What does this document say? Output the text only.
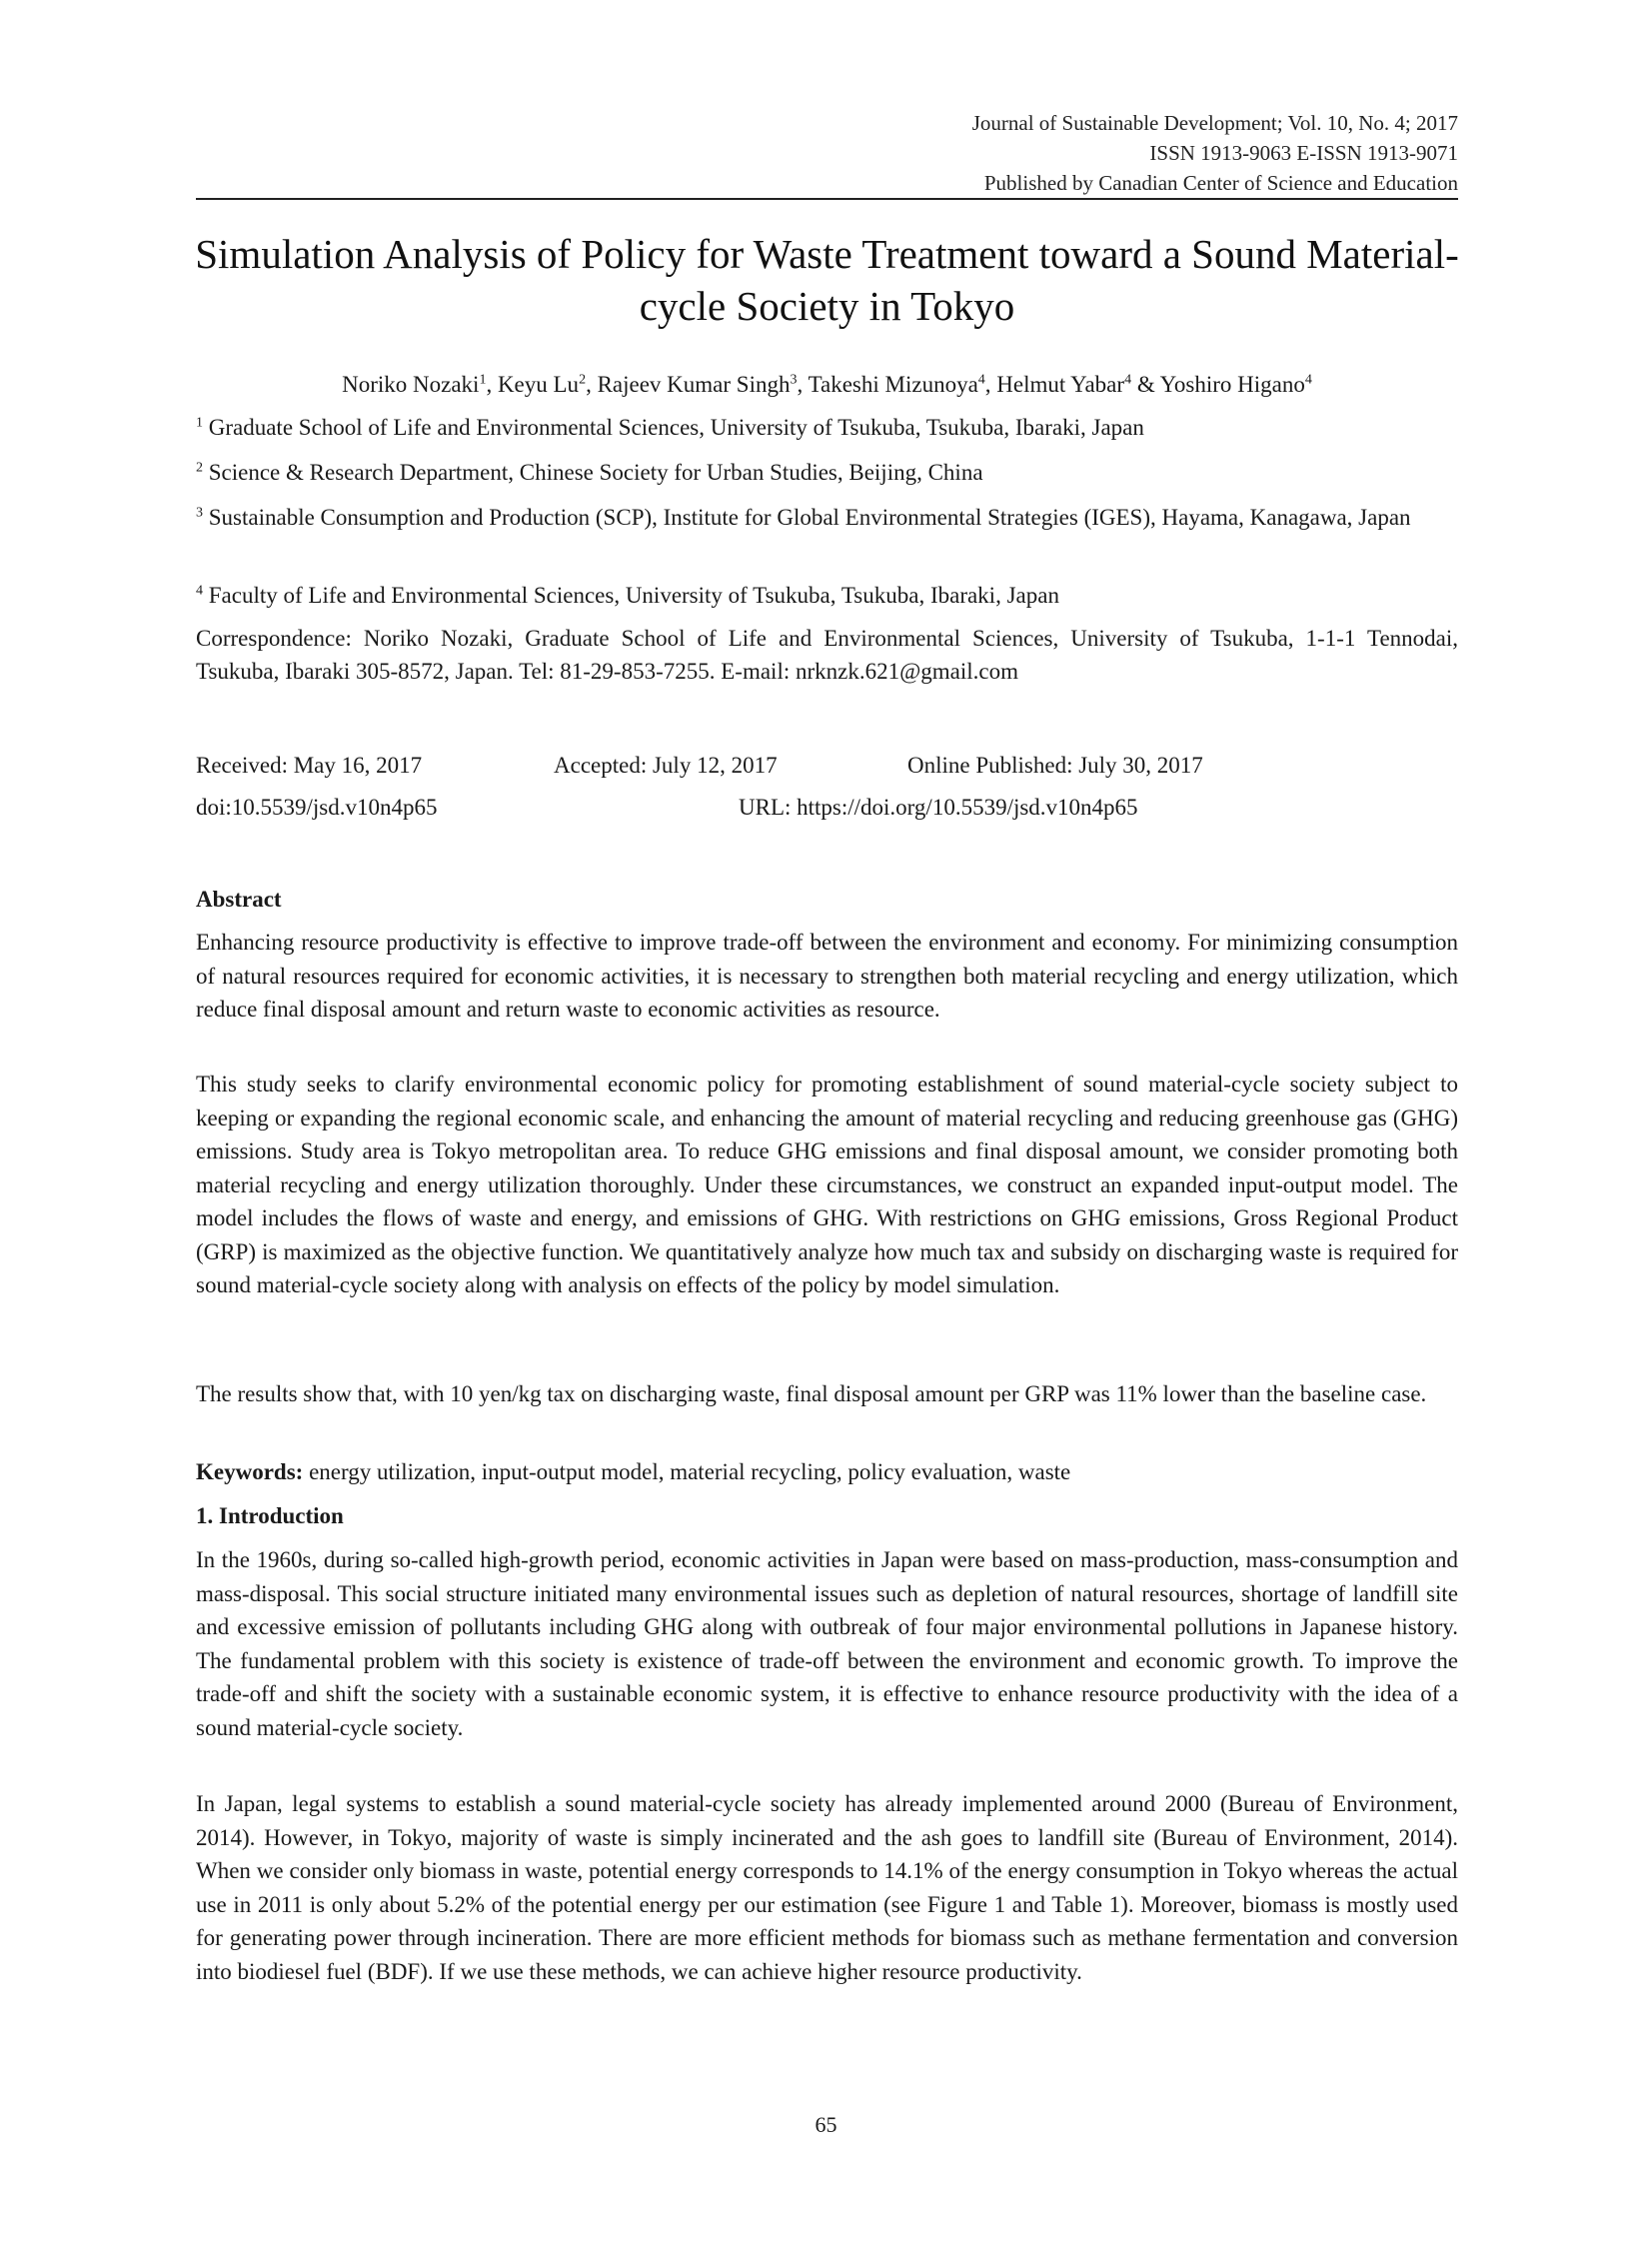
Journal of Sustainable Development; Vol. 10, No. 4; 2017
ISSN 1913-9063 E-ISSN 1913-9071
Published by Canadian Center of Science and Education
Simulation Analysis of Policy for Waste Treatment toward a Sound Material-cycle Society in Tokyo
Noriko Nozaki$^1$, Keyu Lu$^2$, Rajeev Kumar Singh$^3$, Takeshi Mizunoya$^4$, Helmut Yabar$^4$ & Yoshiro Higano$^4$
$^1$ Graduate School of Life and Environmental Sciences, University of Tsukuba, Tsukuba, Ibaraki, Japan
$^2$ Science & Research Department, Chinese Society for Urban Studies, Beijing, China
$^3$ Sustainable Consumption and Production (SCP), Institute for Global Environmental Strategies (IGES), Hayama, Kanagawa, Japan
$^4$ Faculty of Life and Environmental Sciences, University of Tsukuba, Tsukuba, Ibaraki, Japan
Correspondence: Noriko Nozaki, Graduate School of Life and Environmental Sciences, University of Tsukuba, 1-1-1 Tennodai, Tsukuba, Ibaraki 305-8572, Japan. Tel: 81-29-853-7255. E-mail: nrknzk.621@gmail.com
Received: May 16, 2017	Accepted: July 12, 2017	Online Published: July 30, 2017
doi:10.5539/jsd.v10n4p65	URL: https://doi.org/10.5539/jsd.v10n4p65
Abstract
Enhancing resource productivity is effective to improve trade-off between the environment and economy. For minimizing consumption of natural resources required for economic activities, it is necessary to strengthen both material recycling and energy utilization, which reduce final disposal amount and return waste to economic activities as resource.
This study seeks to clarify environmental economic policy for promoting establishment of sound material-cycle society subject to keeping or expanding the regional economic scale, and enhancing the amount of material recycling and reducing greenhouse gas (GHG) emissions. Study area is Tokyo metropolitan area. To reduce GHG emissions and final disposal amount, we consider promoting both material recycling and energy utilization thoroughly. Under these circumstances, we construct an expanded input-output model. The model includes the flows of waste and energy, and emissions of GHG. With restrictions on GHG emissions, Gross Regional Product (GRP) is maximized as the objective function. We quantitatively analyze how much tax and subsidy on discharging waste is required for sound material-cycle society along with analysis on effects of the policy by model simulation.
The results show that, with 10 yen/kg tax on discharging waste, final disposal amount per GRP was 11% lower than the baseline case.
Keywords: energy utilization, input-output model, material recycling, policy evaluation, waste
1. Introduction
In the 1960s, during so-called high-growth period, economic activities in Japan were based on mass-production, mass-consumption and mass-disposal. This social structure initiated many environmental issues such as depletion of natural resources, shortage of landfill site and excessive emission of pollutants including GHG along with outbreak of four major environmental pollutions in Japanese history. The fundamental problem with this society is existence of trade-off between the environment and economic growth. To improve the trade-off and shift the society with a sustainable economic system, it is effective to enhance resource productivity with the idea of a sound material-cycle society.
In Japan, legal systems to establish a sound material-cycle society has already implemented around 2000 (Bureau of Environment, 2014). However, in Tokyo, majority of waste is simply incinerated and the ash goes to landfill site (Bureau of Environment, 2014). When we consider only biomass in waste, potential energy corresponds to 14.1% of the energy consumption in Tokyo whereas the actual use in 2011 is only about 5.2% of the potential energy per our estimation (see Figure 1 and Table 1). Moreover, biomass is mostly used for generating power through incineration. There are more efficient methods for biomass such as methane fermentation and conversion into biodiesel fuel (BDF). If we use these methods, we can achieve higher resource productivity.
65
